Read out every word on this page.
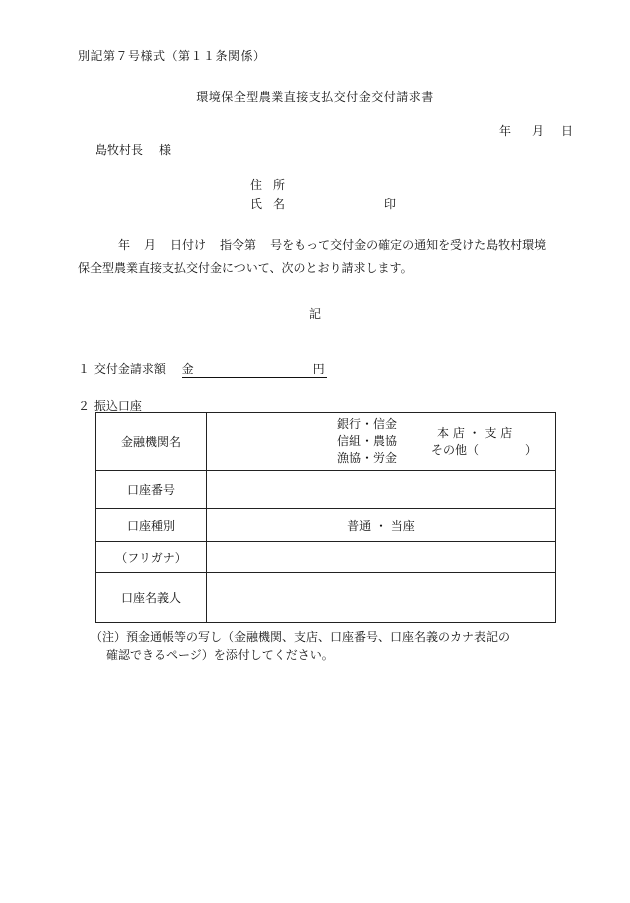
別記第７号様式（第１１条関係）
環境保全型農業直接支払交付金交付請求書
年 月 日
島牧村長 様
住所
氏名	印
年 月 日付け 指令第 号をもって交付金の確定の通知を受けた島牧村環境保全型農業直接支払交付金について、次のとおり請求します。
記
１ 交付金請求額 金	円
２ 振込口座
金融機関名	銀行・信金
信組・農協
漁協・労金
本 店 ・ 支 店
その他（ ）

口座番号	
口座種別	普通 ・ 当座
（フリガナ）	
口座名義人	
（注）預金通帳等の写し（金融機関、支店、口座番号、口座名義のカナ表記の
確認できるページ）を添付してください。
